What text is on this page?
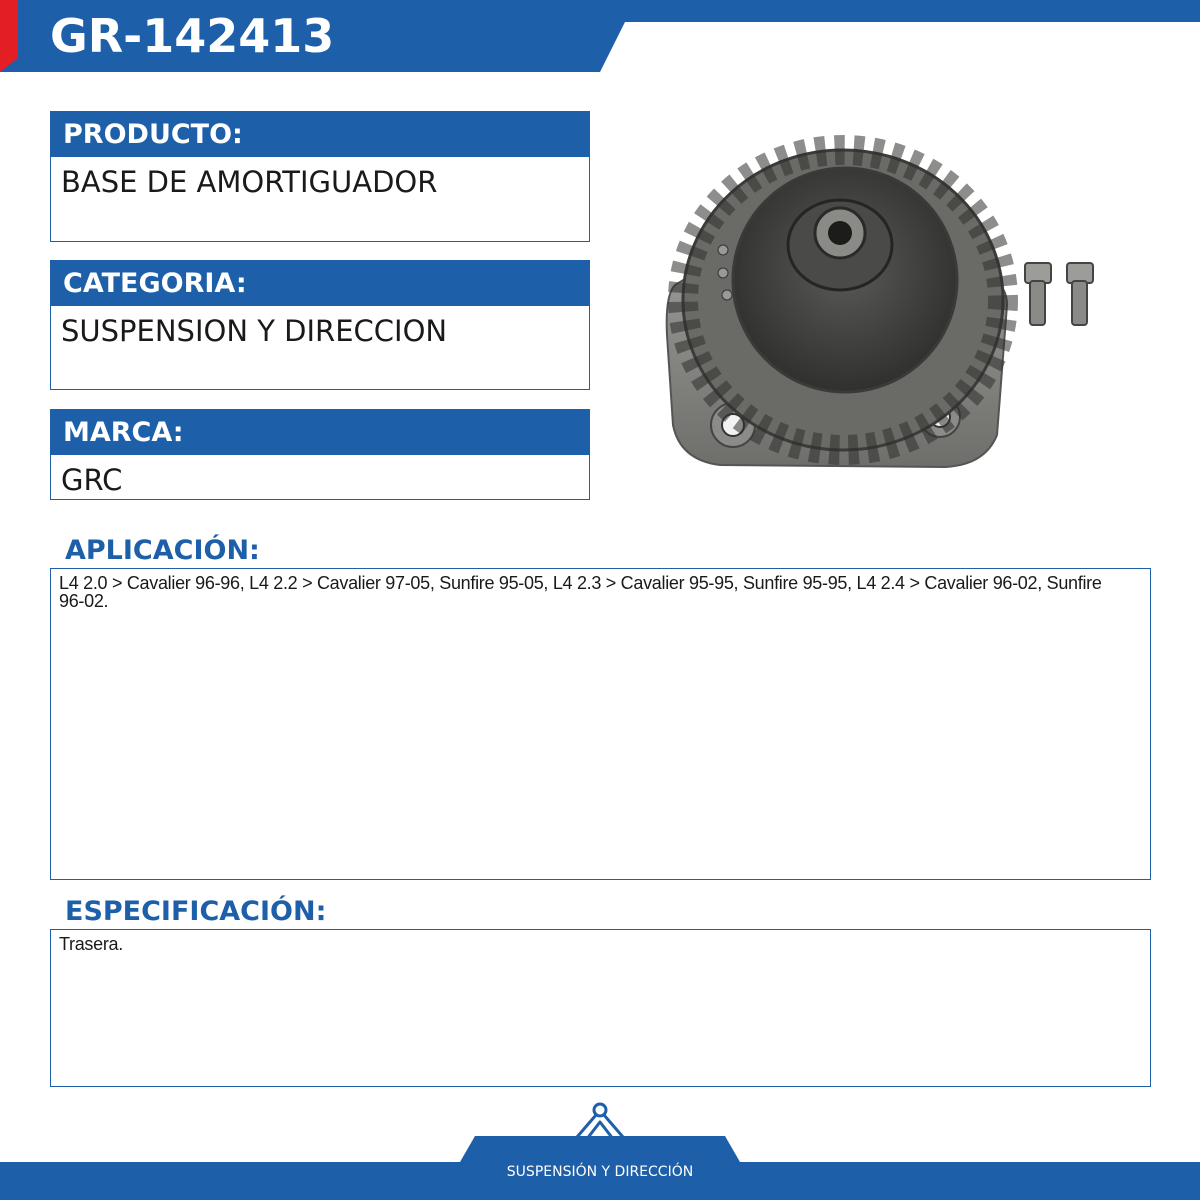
GR-142413
PRODUCTO:
BASE DE AMORTIGUADOR
CATEGORIA:
SUSPENSION Y DIRECCION
MARCA:
GRC
APLICACIÓN:
L4 2.0 > Cavalier 96-96, L4 2.2 > Cavalier 97-05, Sunfire 95-05, L4 2.3 > Cavalier 95-95, Sunfire 95-95, L4 2.4 > Cavalier 96-02, Sunfire 96-02.
ESPECIFICACIÓN:
Trasera.
SUSPENSIÓN Y DIRECCIÓN
